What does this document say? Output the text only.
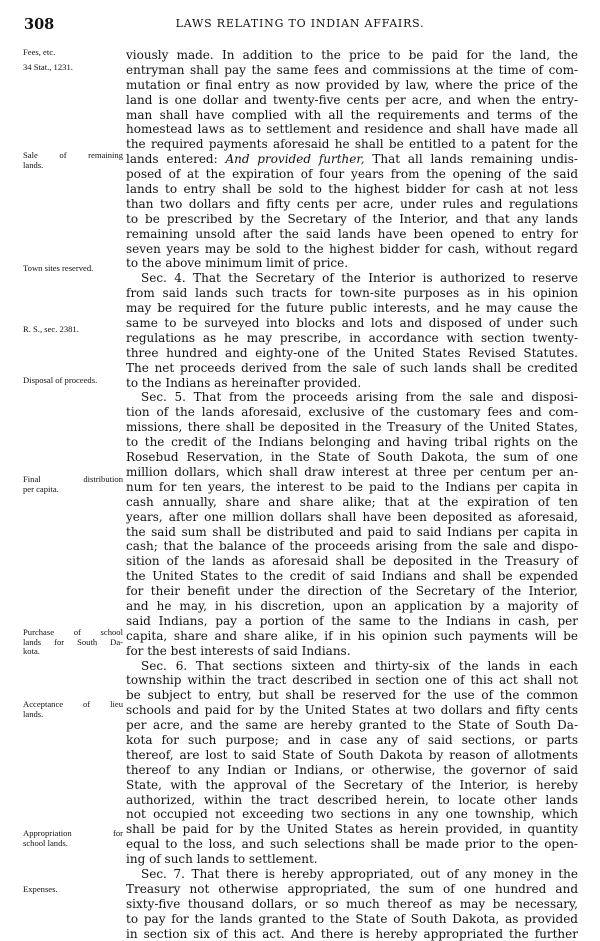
308	LAWS RELATING TO INDIAN AFFAIRS.
Fees, etc.
34 Stat., 1231.
Sale of remaining
lands.
Town sites reserved.
R. S., sec. 2381.
Disposal of proceeds.
Final distribution
per capita.
Purchase of school
lands for South Da-
kota.
Acceptance of lieu
lands.
Appropriation for
school lands.
Expenses.
viously made. In addition to the price to be paid for the land, the
entryman shall pay the same fees and commissions at the time of com-
mutation or final entry as now provided by law, where the price of the
land is one dollar and twenty-five cents per acre, and when the entry-
man shall have complied with all the requirements and terms of the
homestead laws as to settlement and residence and shall have made all
the required payments aforesaid he shall be entitled to a patent for the
lands entered: And provided further, That all lands remaining undis-
posed of at the expiration of four years from the opening of the said
lands to entry shall be sold to the highest bidder for cash at not less
than two dollars and fifty cents per acre, under rules and regulations
to be prescribed by the Secretary of the Interior, and that any lands
remaining unsold after the said lands have been opened to entry for
seven years may be sold to the highest bidder for cash, without regard
to the above minimum limit of price.
Sec. 4. That the Secretary of the Interior is authorized to reserve
from said lands such tracts for town-site purposes as in his opinion
may be required for the future public interests, and he may cause the
same to be surveyed into blocks and lots and disposed of under such
regulations as he may prescribe, in accordance with section twenty-
three hundred and eighty-one of the United States Revised Statutes.
The net proceeds derived from the sale of such lands shall be credited
to the Indians as hereinafter provided.
Sec. 5. That from the proceeds arising from the sale and disposi-
tion of the lands aforesaid, exclusive of the customary fees and com-
missions, there shall be deposited in the Treasury of the United States,
to the credit of the Indians belonging and having tribal rights on the
Rosebud Reservation, in the State of South Dakota, the sum of one
million dollars, which shall draw interest at three per centum per an-
num for ten years, the interest to be paid to the Indians per capita in
cash annually, share and share alike; that at the expiration of ten
years, after one million dollars shall have been deposited as aforesaid,
the said sum shall be distributed and paid to said Indians per capita in
cash; that the balance of the proceeds arising from the sale and dispo-
sition of the lands as aforesaid shall be deposited in the Treasury of
the United States to the credit of said Indians and shall be expended
for their benefit under the direction of the Secretary of the Interior,
and he may, in his discretion, upon an application by a majority of
said Indians, pay a portion of the same to the Indians in cash, per
capita, share and share alike, if in his opinion such payments will be
for the best interests of said Indians.
Sec. 6. That sections sixteen and thirty-six of the lands in each
township within the tract described in section one of this act shall not
be subject to entry, but shall be reserved for the use of the common
schools and paid for by the United States at two dollars and fifty cents
per acre, and the same are hereby granted to the State of South Da-
kota for such purpose; and in case any of said sections, or parts
thereof, are lost to said State of South Dakota by reason of allotments
thereof to any Indian or Indians, or otherwise, the governor of said
State, with the approval of the Secretary of the Interior, is hereby
authorized, within the tract described herein, to locate other lands
not occupied not exceeding two sections in any one township, which
shall be paid for by the United States as herein provided, in quantity
equal to the loss, and such selections shall be made prior to the open-
ing of such lands to settlement.
Sec. 7. That there is hereby appropriated, out of any money in the
Treasury not otherwise appropriated, the sum of one hundred and
sixty-five thousand dollars, or so much thereof as may be necessary,
to pay for the lands granted to the State of South Dakota, as provided
in section six of this act. And there is hereby appropriated the further
